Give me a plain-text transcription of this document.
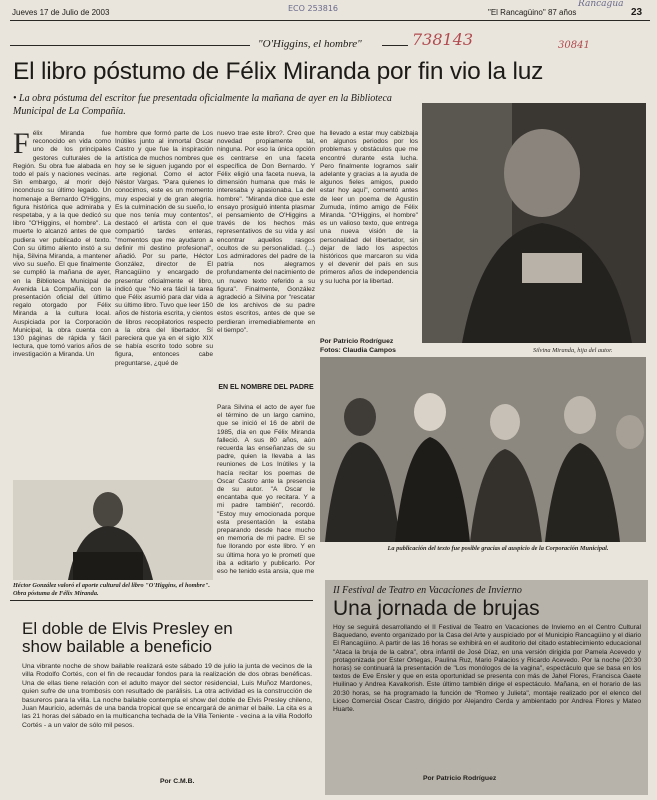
Jueves 17 de Julio de 2003	ECO 253816	"El Rancagüino" 87 años	23
Rancagua
738143	30841
"O'Higgins, el hombre"
El libro póstumo de Félix Miranda por fin vio la luz
• La obra póstuma del escritor fue presentada oficialmente la mañana de ayer en la Biblioteca Municipal de La Compañía.
Félix Miranda fue reconocido en vida como uno de los principales gestores culturales de la Región. Su obra fue alabada en todo el país y naciones vecinas. Sin embargo, al morir dejó inconcluso su último legado. Un homenaje a Bernardo O'Higgins, figura histórica que admiraba y respetaba, y a la que dedicó su libro "O'Higgins, el hombre". La muerte lo alcanzó antes de que pudiera ver publicado el texto. Con su último aliento instó a su hija, Silvina Miranda, a mantener vivo su sueño. El que finalmente se cumplió la mañana de ayer, en la Biblioteca Municipal de Avenida La Compañía, con la presentación oficial del último regalo otorgado por Félix Miranda a la cultura local. Auspiciada por la Corporación Municipal, la obra cuenta con 130 páginas de rápida y fácil lectura, que tomó varios años de investigación a Miranda. Un
hombre que formó parte de Los Inútiles junto al inmortal Oscar Castro y que fue la inspiración artística de muchos nombres que hoy se le siguen jugando por el arte regional. Como el actor Néstor Vargas. "Para quienes lo conocimos, este es un momento muy especial y de gran alegría. Es la culminación de su sueño, lo que nos tenía muy contentos", destacó el artista con el que compartió tardes enteras, "momentos que me ayudaron a definir mi destino profesional", añadió. Por su parte, Héctor González, director de El Rancagüino y encargado de presentar oficialmente el libro, indicó que "No era fácil la tarea que Félix asumió para dar vida a su último libro. Tuvo que leer 150 años de historia escrita, y cientos de libros recopilatorios respecto a la obra del libertador. Sí pareciera que ya en el siglo XIX se había escrito todo sobre su figura, entonces cabe preguntarse, ¿qué de
nuevo trae este libro?. Creo que novedad propiamente tal, ninguna. Por eso la única opción es centrarse en una faceta específica de Don Bernardo. Y Félix eligió una faceta nueva, la dimensión humana que más le interesaba y apasionaba. La del hombre". "Miranda dice que este ensayo prosiguió intenta plasmar el pensamiento de O'Higgins a través de los hechos más representativos de su vida y así encontrar aquellos rasgos ocultos de su personalidad. (...) Los admiradores del padre de la patria nos alegramos profundamente del nacimiento de un nuevo texto referido a su figura". Finalmente, González agradeció a Silvina por "rescatar de los archivos de su padre estos escritos, antes de que se perdieran irremediablemente en el tiempo".
EN EL NOMBRE DEL PADRE
Para Silvina el acto de ayer fue el término de un largo camino, que se inició el 16 de abril de 1985, día en que Félix Miranda falleció. A sus 80 años, aún recuerda las enseñanzas de su padre, quien la llevaba a las reuniones de Los Inútiles y la hacía recitar los poemas de Oscar Castro ante la presencia de su autor. "A Oscar le encantaba que yo recitara. Y a mi padre también", recordó. "Estoy muy emocionada porque esta presentación la estaba preparando desde hace mucho en memoria de mi padre. El se fue llorando por este libro. Y en su última hora yo le prometí que iba a editarlo y publicarlo. Por eso he tenido esta ansia, que me
ha llevado a estar muy cabizbaja en algunos periodos por los problemas y obstáculos que me encontré durante esta lucha. Pero finalmente logramos salir adelante y gracias a la ayuda de algunos fieles amigos, puedo estar hoy aquí", comentó antes de leer un poema de Agustín Zumuda, íntimo amigo de Félix Miranda. "O'Higgins, el hombre" es un valioso texto, que entrega una nueva visión de la personalidad del libertador, sin dejar de lado los aspectos históricos que marcaron su vida y el devenir del país en sus primeros años de independencia y su lucha por la libertad.
Por Patricio Rodríguez
Fotos: Claudia Campos	Silvina Miranda, hija del autor.
Héctor González valoró el aporte cultural del libro "O'Higgins, el hombre". Obra póstuma de Félix Miranda.
La publicación del texto fue posible gracias al auspicio de la Corporación Municipal.
El doble de Elvis Presley en show bailable a beneficio
Una vibrante noche de show bailable realizará este sábado 19 de julio la junta de vecinos de la villa Rodolfo Cortés, con el fin de recaudar fondos para la realización de dos obras benéficas. Una de ellas tiene relación con el adulto mayor del sector residencial, Luis Muñoz Mardones, quien sufre de una trombosis con resultado de parálisis. La otra actividad es la construcción de basureros para la villa. La noche bailable contempla el show del doble de Elvis Presley chileno, Juan Mauricio, además de una banda tropical que se encargará de animar el baile. La cita es a las 21 horas del sábado en la multicancha techada de la Villa Teniente - vecina a la villa Rodolfo Cortés - a un valor de sólo mil pesos.
Por C.M.B.
II Festival de Teatro en Vacaciones de Invierno
Una jornada de brujas
Hoy se seguirá desarrollando el II Festival de Teatro en Vacaciones de Invierno en el Centro Cultural Baquedano, evento organizado por la Casa del Arte y auspiciado por el Municipio Rancagüino y el diario El Rancagüino. A partir de las 16 horas se exhibirá en el auditorio del citado establecimiento educacional "Ataca la bruja de la cabra", obra infantil de José Díaz, en una versión dirigida por Pamela Acevedo y protagonizada por Ester Ortegas, Paulina Ruz, Mario Palacios y Ricardo Acevedo. Por la noche (20:30 horas) se continuará la presentación de "Los monólogos de la vagina", espectáculo que se basa en los textos de Eve Ensler y que en esta oportunidad se presenta con más de Jahel Flores, Francisca Gaete Huilinao y Andrea Kavalkorish. Este último también dirige el espectáculo. Mañana, en el horario de las 20:30 horas, se ha programado la función de "Romeo y Julieta", montaje realizado por el elenco del Liceo Comercial Oscar Castro, dirigido por Alejandro Cerda y ambientado por Andrea Flores y Mateo Huarte.
Por Patricio Rodríguez
